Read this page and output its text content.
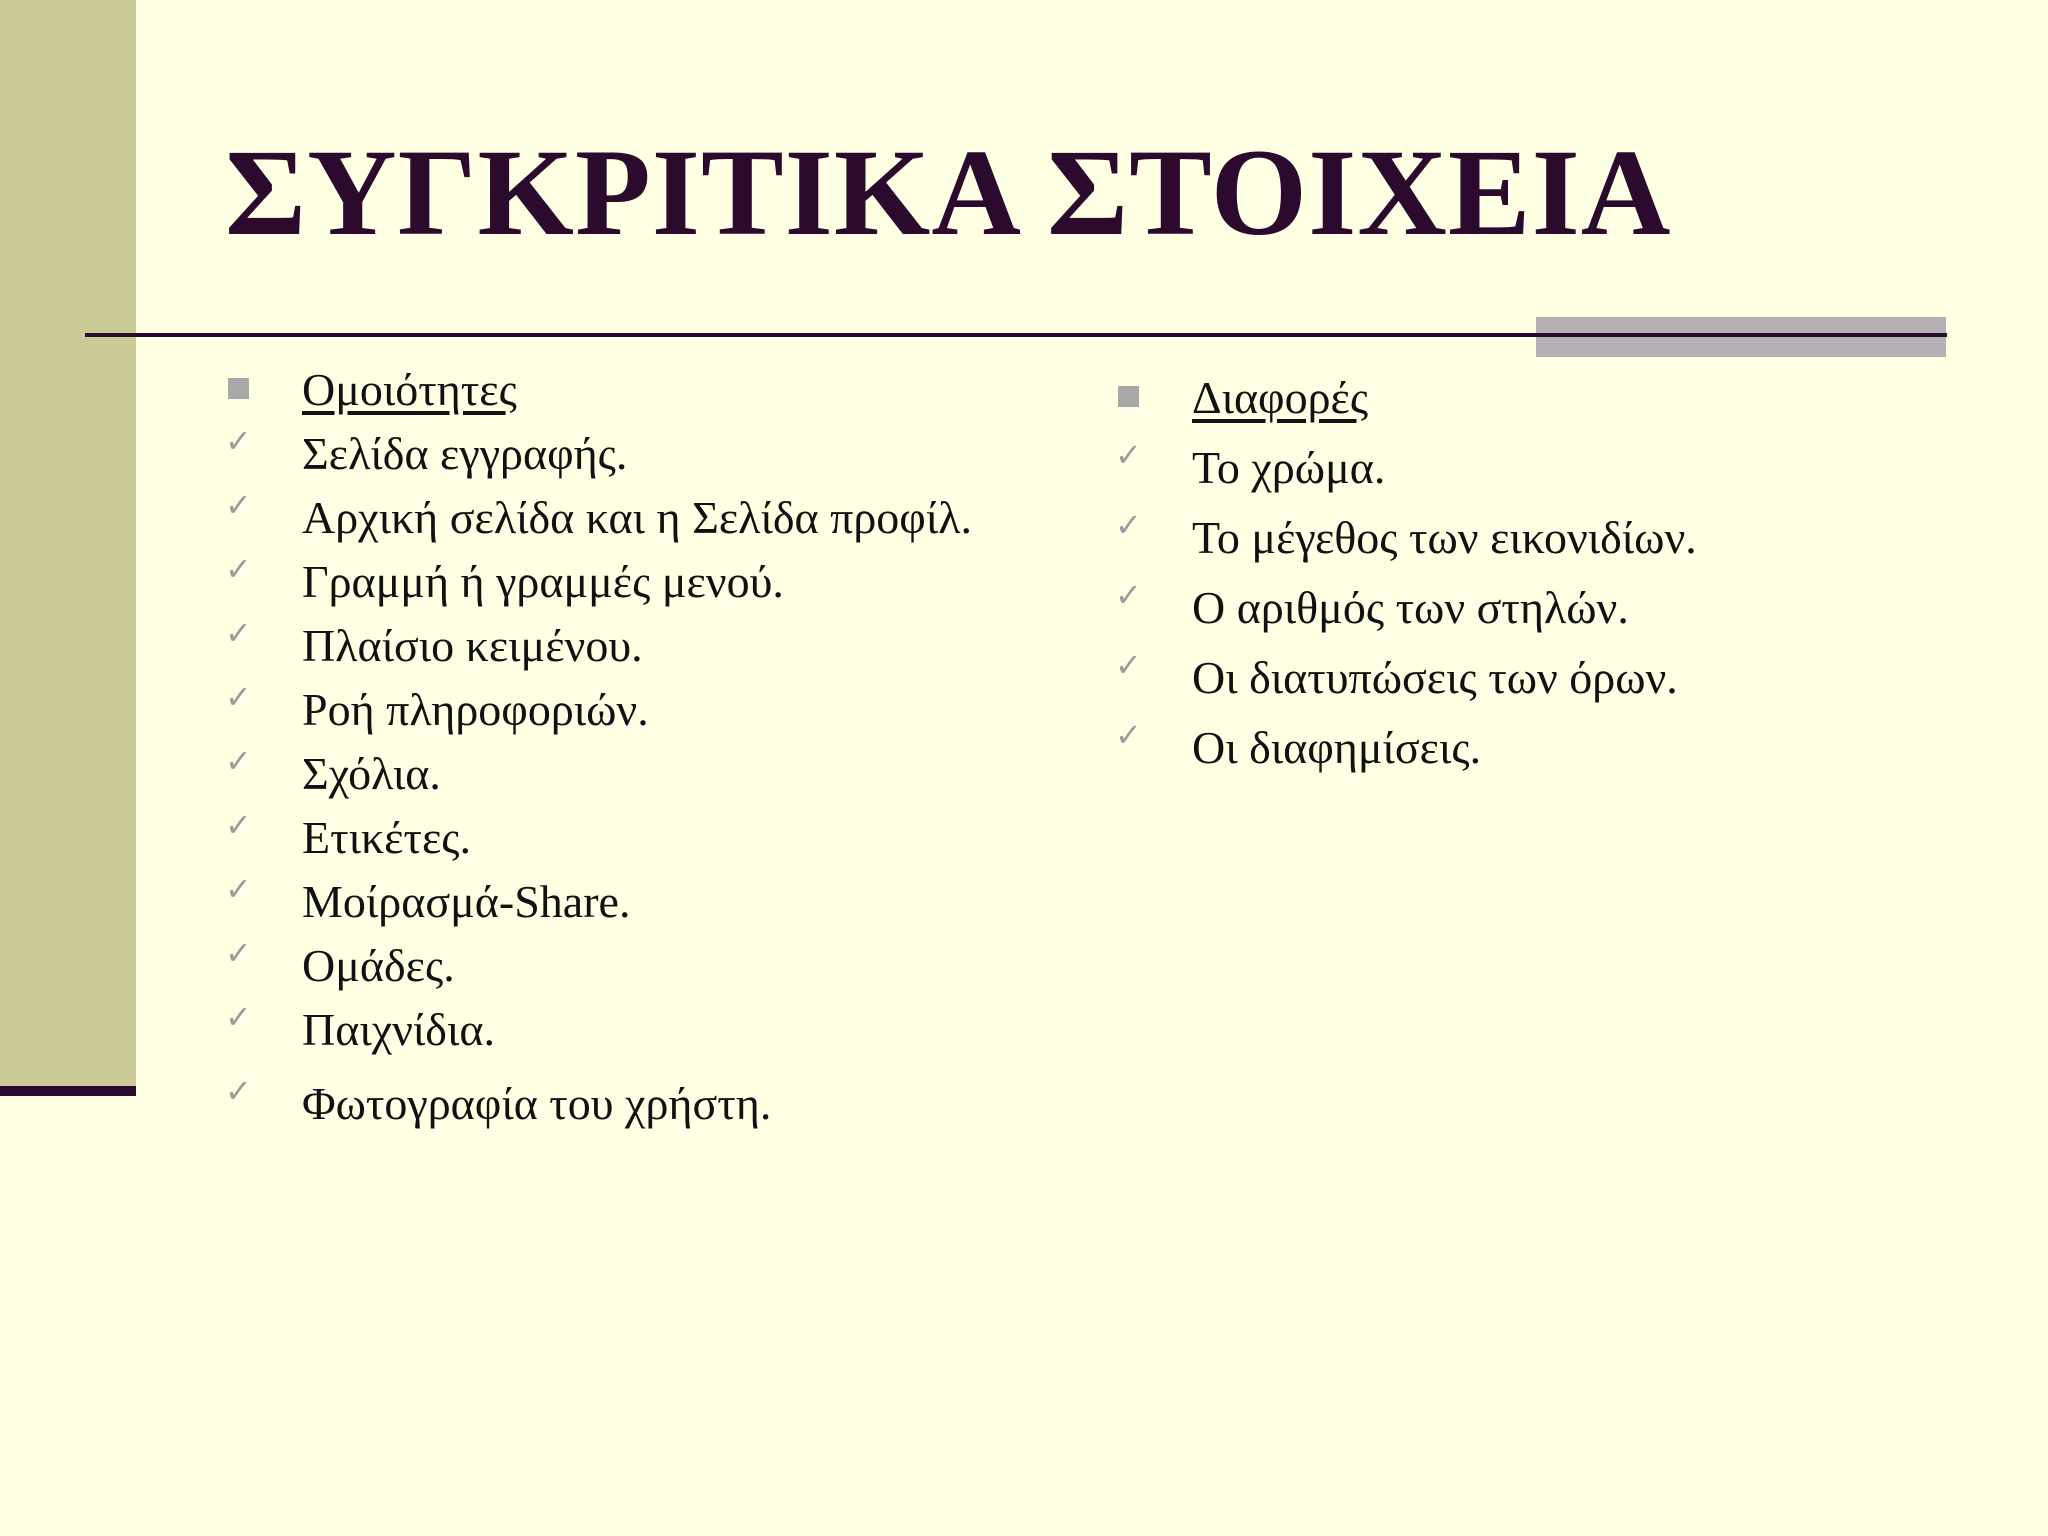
ΣΥΓΚΡΙΤΙΚΑ ΣΤΟΙΧΕΙΑ
Ομοιότητες
✓ Σελίδα εγγραφής.
✓ Αρχική σελίδα και η Σελίδα προφίλ.
✓ Γραμμή ή γραμμές μενού.
✓ Πλαίσιο κειμένου.
✓ Ροή πληροφοριών.
✓ Σχόλια.
✓ Ετικέτες.
✓ Μοίρασμά-Share.
✓ Ομάδες.
✓ Παιχνίδια.
✓ Φωτογραφία του χρήστη.
Διαφορές
✓ Το χρώμα.
✓ Το μέγεθος των εικονιδίων.
✓ Ο αριθμός των στηλών.
✓ Οι διατυπώσεις των όρων.
✓ Οι διαφημίσεις.
